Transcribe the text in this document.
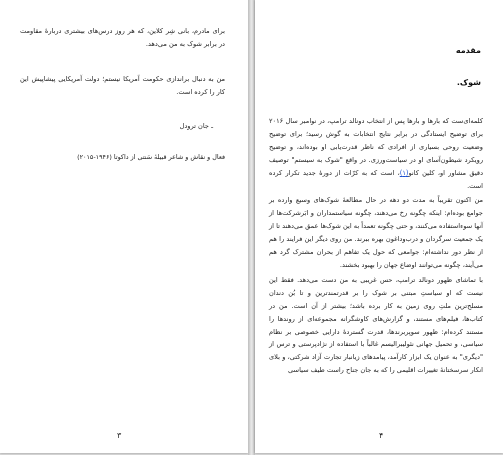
برای مادرم، بانی شِر کلاین، که هر روز درس‌های بیشتری دربارهٔ مقاومت در برابر شوک به من می‌دهد.
من به دنبال براندازی حکومت آمریکا نیستم؛ دولت آمریکایی پیشاپیش این کار را کرده است.
ـ جان ترودل
فعال و نقاش و شاعر قبیلهٔ سَنتی از داکوتا (۱۹۴۶-۲۰۱۵)
۳
مقدمه
شوک.

کلمه‌ای‌ست که بارها و بارها پس از انتخاب دونالد ترامپ، در نوامبر سال ۲۰۱۶ برای توضیح ایستادگی در برابر نتایج انتخابات به گوش رسید؛ برای توضیح وضعیت روحی بسیاری از افرادی که ناظر قدرت‌یابی او بوده‌اند، و توضیح رویکرد شیطون‌آسای او در سیاست‌ورزی. در واقع "شوک به سیستم" توصیف دقیق مشاور او، کلین کانو(۱)، است که به کرّات از دورهٔ جدید تکرار کرده است.

من اکنون تقریباً به مدت دو دهه در حال مطالعهٔ شوک‌های وسیع وارده بر جوامع بوده‌ام: اینکه چگونه رخ می‌دهند، چگونه سیاستمداران و ابَرشرکت‌ها از آنها سوءاستفاده می‌کنند، و حتی چگونه تعمداً به این شوک‌ها عمق می‌دهند تا از یک جمعیت سرگردان و درب‌وداغون بهره ببرند. من روی دیگر این فرایند را هم از نظر دور نداشته‌ام: جوامعی که حول یک تفاهم از بحران مشترک گرد هم می‌آیند، چگونه می‌توانند اوضاع جهان را بهبود بخشند.

با تماشای ظهور دونالد ترامپ، حس غریبی به من دست می‌دهد. فقط این نیست که او سیاستِ مبتنی بر شوک را بر قدرتمندترین و تا بُن دندان مسلح‌ترین ملتِ روی زمین به کار برده باشد؛ بیشتر از آن است. من در کتاب‌ها، فیلم‌های مستند، و گزارش‌های کاوشگرانه مجموعه‌ای از روندها را مستند کرده‌ام: ظهور سوپربرندها، قدرت گستردهٔ دارایی خصوصی بر نظام سیاسی، و تحمیل جهانی نئولیبرالیسم غالباً با استفاده از نژادپرستی و ترس از "دیگری" به عنوان یک ابزار کارآمد، پیامدهای زیانبار تجارت آزاد شرکتی، و بلای انکار سرسختانهٔ تغییرات اقلیمی را که به جان جناح راست طیف سیاسی

۴
